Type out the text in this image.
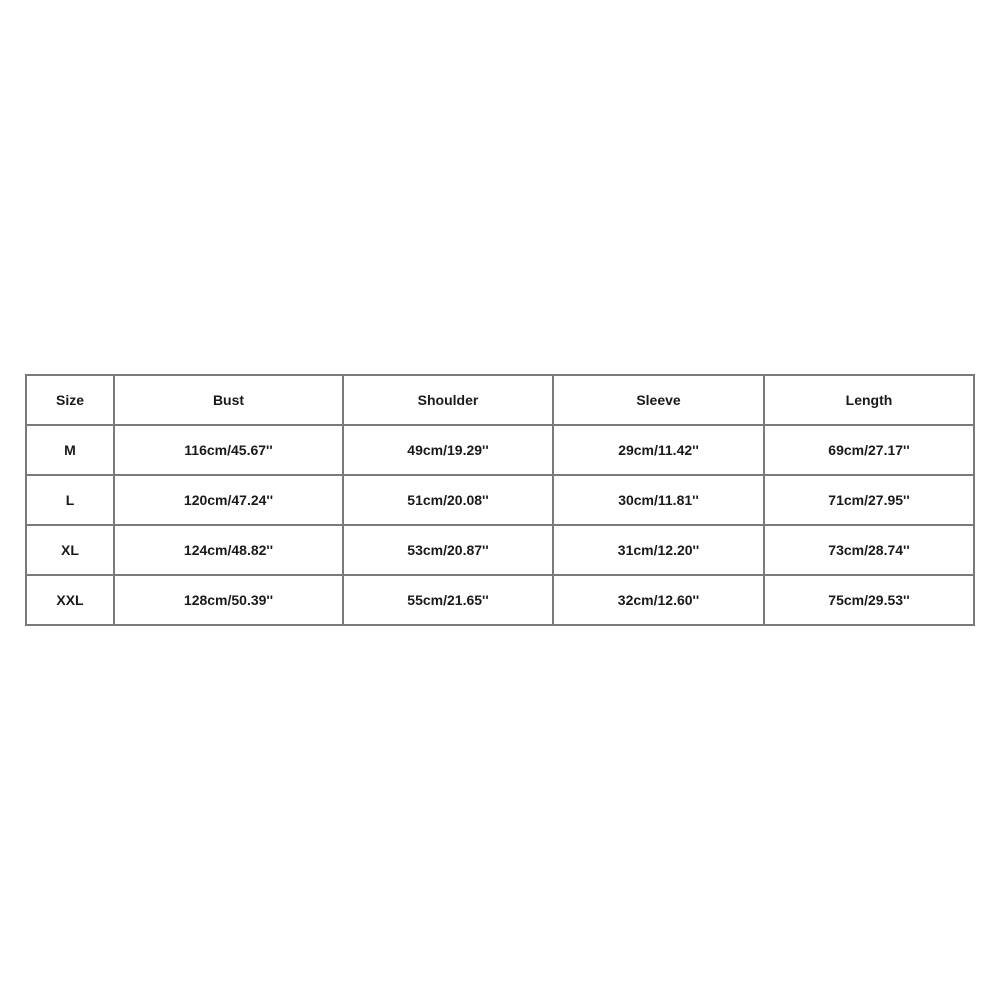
Size	Bust	Shoulder	Sleeve	Length
M	116cm/45.67''	49cm/19.29''	29cm/11.42''	69cm/27.17''
L	120cm/47.24''	51cm/20.08''	30cm/11.81''	71cm/27.95''
XL	124cm/48.82''	53cm/20.87''	31cm/12.20''	73cm/28.74''
XXL	128cm/50.39''	55cm/21.65''	32cm/12.60''	75cm/29.53''
